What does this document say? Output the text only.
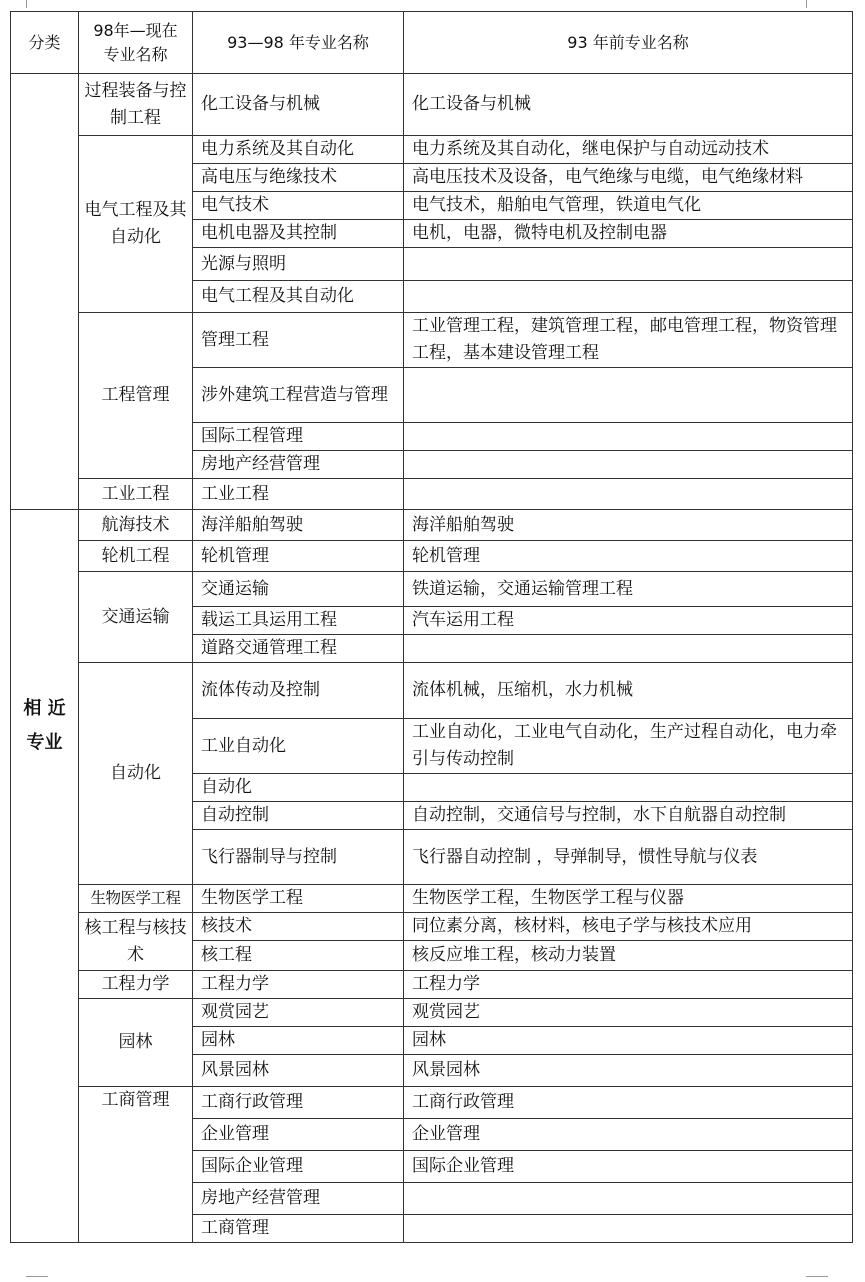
分类	98年—现在专业名称	93—98 年专业名称	93 年前专业名称
	过程装备与控制工程	化工设备与机械	化工设备与机械
	电气工程及其自动化	电力系统及其自动化	电力系统及其自动化，继电保护与自动远动技术
		高电压与绝缘技术	高电压技术及设备，电气绝缘与电缆，电气绝缘材料
		电气技术	电气技术，船舶电气管理，铁道电气化
		电机电器及其控制	电机，电器，微特电机及控制电器
		光源与照明	
		电气工程及其自动化	
	工程管理	管理工程	工业管理工程，建筑管理工程，邮电管理工程，物资管理工程，基本建设管理工程
		涉外建筑工程营造与管理	
		国际工程管理	
		房地产经营管理	
	工业工程	工业工程	
相 近 专业	航海技术	海洋船舶驾驶	海洋船舶驾驶
	轮机工程	轮机管理	轮机管理
	交通运输	交通运输	铁道运输，交通运输管理工程
		载运工具运用工程	汽车运用工程
		道路交通管理工程	
	自动化	流体传动及控制	流体机械，压缩机，水力机械
		工业自动化	工业自动化，工业电气自动化，生产过程自动化，电力牵引与传动控制
		自动化	
		自动控制	自动控制，交通信号与控制，水下自航器自动控制
		飞行器制导与控制	飞行器自动控制 ，导弹制导，惯性导航与仪表
	生物医学工程	生物医学工程	生物医学工程，生物医学工程与仪器
	核工程与核技术	核技术	同位素分离，核材料，核电子学与核技术应用
		核工程	核反应堆工程，核动力装置
	工程力学	工程力学	工程力学
	园林	观赏园艺	观赏园艺
		园林	园林
		风景园林	风景园林
	工商管理	工商行政管理	工商行政管理
		企业管理	企业管理
		国际企业管理	国际企业管理
		房地产经营管理	
		工商管理	
